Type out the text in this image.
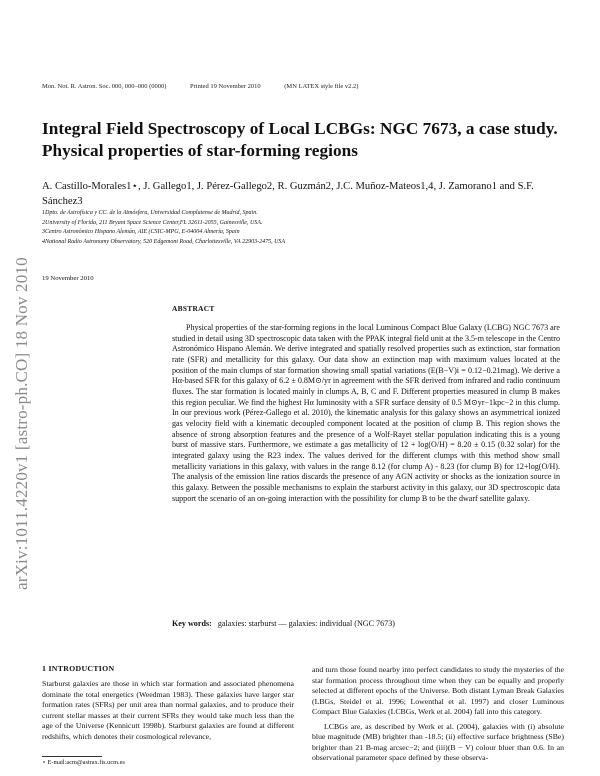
Mon. Not. R. Astron. Soc. 000, 000–000 (0000)	Printed 19 November 2010	(MN LATEX style file v2.2)
Integral Field Spectroscopy of Local LCBGs: NGC 7673, a case study. Physical properties of star-forming regions
A. Castillo-Morales1⋆, J. Gallego1, J. Pérez-Gallego2, R. Guzmán2, J.C. Muñoz-Mateos1,4, J. Zamorano1 and S.F. Sánchez3
1Dpto. de Astrofísica y CC. de la Atmósfera, Universidad Complutense de Madrid, Spain.
2University of Florida, 211 Bryant Space Science Center,FL 32611-2055, Gainesville, USA.
3Centro Astronómico Hispano Alemán, AIE (CSIC-MPG, E-04004 Almería, Spain
4National Radio Astronomy Observatory, 520 Edgemont Road, Charlottesville, VA 22903-2475, USA
19 November 2010
arXiv:1011.4220v1 [astro-ph.CO] 18 Nov 2010	ABSTRACT
Physical properties of the star-forming regions in the local Luminous Compact Blue Galaxy (LCBG) NGC 7673 are studied in detail using 3D spectroscopic data taken with the PPAK integral field unit at the 3.5-m telescope in the Centro Astronómico Hispano Alemán. We derive integrated and spatially resolved properties such as extinction, star formation rate (SFR) and metallicity for this galaxy. Our data show an extinction map with maximum values located at the position of the main clumps of star formation showing small spatial variations (E(B−V)i = 0.12−0.21mag). We derive a Hα-based SFR for this galaxy of 6.2 ± 0.8M⊙/yr in agreement with the SFR derived from infrared and radio continuum fluxes. The star formation is located mainly in clumps A, B, C and F. Different properties measured in clump B makes this region peculiar. We find the highest Hα luminosity with a SFR surface density of 0.5 M⊙yr−1kpc−2 in this clump. In our previous work (Pérez-Gallego et al. 2010), the kinematic analysis for this galaxy shows an asymmetrical ionized gas velocity field with a kinematic decoupled component located at the position of clump B. This region shows the absence of strong absorption features and the presence of a Wolf-Rayet stellar population indicating this is a young burst of massive stars. Furthermore, we estimate a gas metallicity of 12 + log(O/H) = 8.20 ± 0.15 (0.32 solar) for the integrated galaxy using the R23 index. The values derived for the different clumps with this method show small metallicity variations in this galaxy, with values in the range 8.12 (for clump A) - 8.23 (for clump B) for 12+log(O/H). The analysis of the emission line ratios discards the presence of any AGN activity or shocks as the ionization source in this galaxy. Between the possible mechanisms to explain the starburst activity in this galaxy, our 3D spectroscopic data support the scenario of an on-going interaction with the possibility for clump B to be the dwarf satellite galaxy.
Key words: galaxies: starburst — galaxies: individual (NGC 7673)
1 INTRODUCTION
Starburst galaxies are those in which star formation and associated phenomena dominate the total energetics (Weedman 1983). These galaxies have larger star formation rates (SFRs) per unit area than normal galaxies, and to produce their current stellar masses at their current SFRs they would take much less than the age of the Universe (Kennicutt 1998b). Starburst galaxies are found at different redshifts, which denotes their cosmological relevance,

and turn those found nearby into perfect candidates to study the mysteries of the star formation process throughout time when they can be equally and properly selected at different epochs of the Universe. Both distant Lyman Break Galaxies (LBGs, Steidel et al. 1996; Lowenthal et al. 1997) and closer Luminous Compact Blue Galaxies (LCBGs, Werk et al. 2004) fall into this category.

LCBGs are, as described by Werk et al. (2004), galaxies with (i) absolute blue magnitude (MB) brighter than -18.5; (ii) effective surface brightness (SBe) brighter than 21 B-mag arcsec−2; and (iii)(B − V) colour bluer than 0.6. In an observational parameter space defined by these observa-

⋆ E-mail:acm@astrax.fis.ucm.es
